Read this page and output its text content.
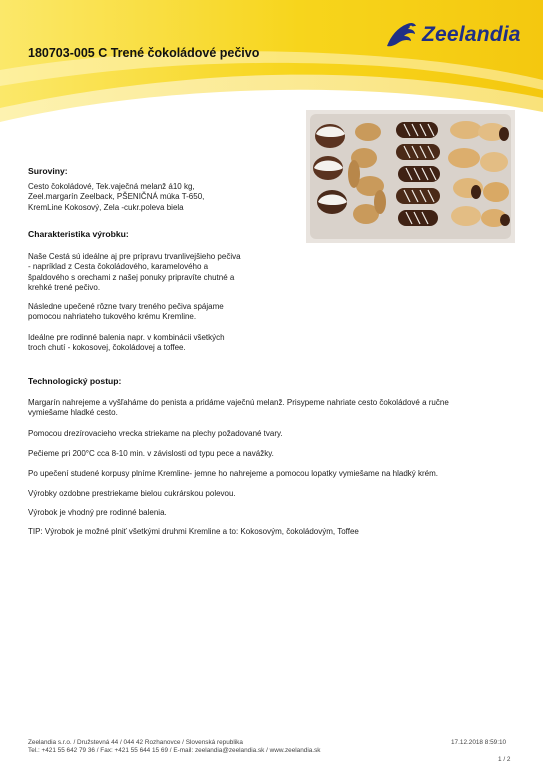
Zeelandia
180703-005 C Trené čokoládové pečivo
Suroviny:
Cesto čokoládové, Tek.vaječná melanž á10 kg,
Zeel.margarín Zeelback, PŠENIČNÁ múka T-650,
KremLine Kokosový, Zela -cukr.poleva biela
Charakteristika výrobku:
Naše Cestá sú ideálne aj pre prípravu trvanlivejšieho pečiva
- napríklad z Cesta čokoládového, karamelového a
špaldového s orechami z našej ponuky pripravíte chutné a
krehké trené pečivo.
Následne upečené rôzne tvary treného pečiva spájame
pomocou nahriateho tukového krému Kremline.
Ideálne pre rodinné balenia napr. v kombinácii všetkých
troch chutí - kokosovej, čokoládovej a toffee.
Technologický postup:
Margarín nahrejeme a vyšľaháme do penista a pridáme vaječnú melanž. Prisypeme nahriate cesto čokoládové a ručne
vymiešame hladké cesto.
Pomocou drezírovacieho vrecka striekame na plechy požadované tvary.
Pečieme pri 200°C cca 8-10 min. v závislosti od typu pece a navážky.
Po upečení studené korpusy plníme Kremline- jemne ho nahrejeme a pomocou lopatky vymiešame na hladký krém.
Výrobky ozdobne prestriekame bielou cukrárskou polevou.
Výrobok je vhodný pre rodinné balenia.
TIP: Výrobok je možné plniť všetkými druhmi Kremline a to: Kokosovým, čokoládovým, Toffee
Zeelandia s.r.o. / Družstevná 44 / 044 42 Rozhanovce / Slovenská republika
Tel.: +421 55 642 79 36 / Fax: +421 55 644 15 69 / E-mail: zeelandia@zeelandia.sk / www.zeelandia.sk
17.12.2018 8:59:10
1 / 2
